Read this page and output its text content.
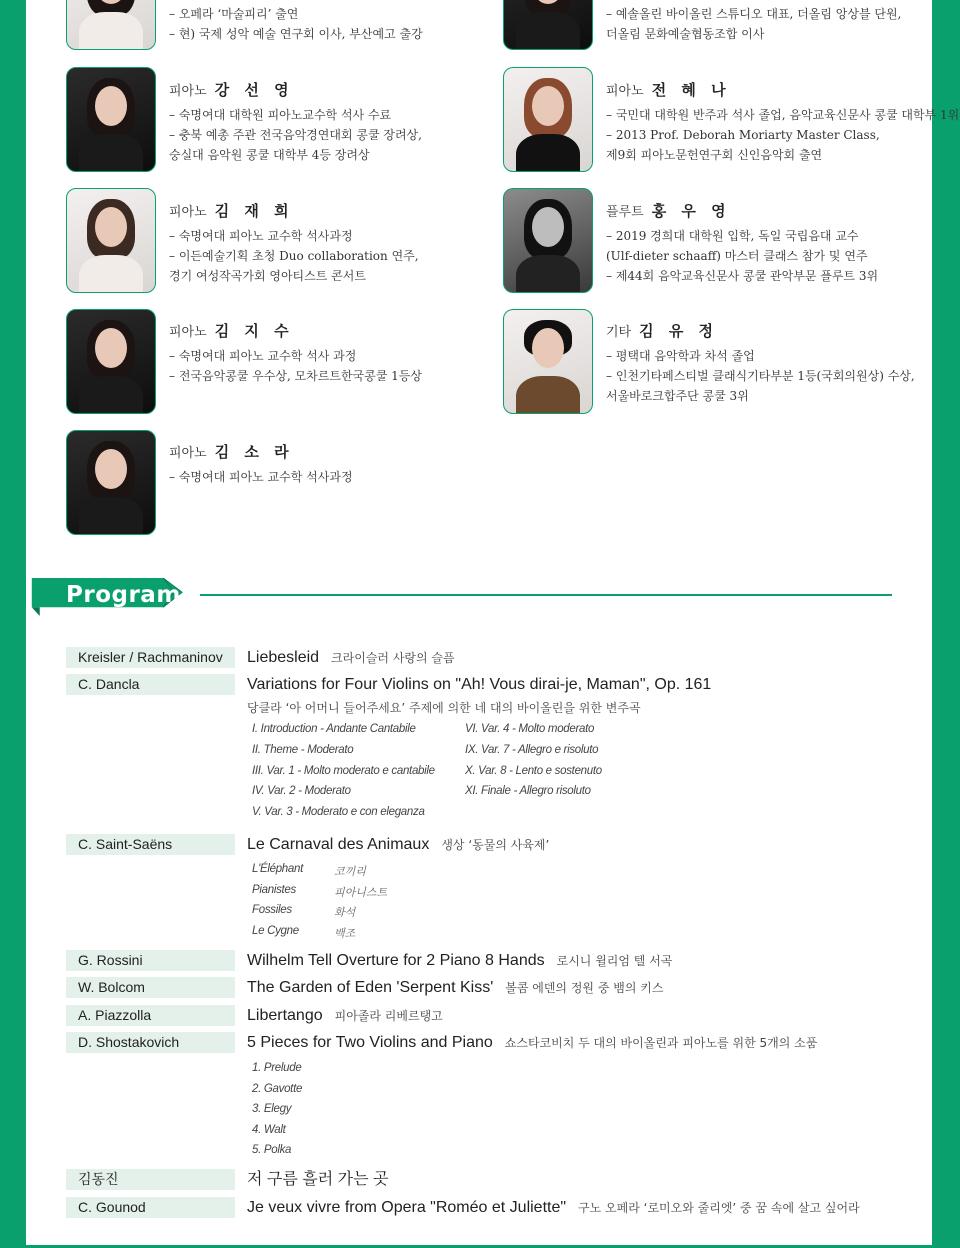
– 오페라 ‘마술피리’ 출연
– 현) 국제 성악 예술 연구회 이사, 부산예고 출강
– 예솔올린 바이올린 스튜디오 대표, 더올림 앙상블 단원,
더올림 문화예술협동조합 이사
피아노 강 선 영
– 숙명여대 대학원 피아노교수학 석사 수료
– 충북 예총 주관 전국음악경연대회 콩쿨 장려상,
숭실대 음악원 콩쿨 대학부 4등 장려상
피아노 전 혜 나
– 국민대 대학원 반주과 석사 졸업, 음악교육신문사 콩쿨 대학부 1위
– 2013 Prof. Deborah Moriarty Master Class,
제9회 피아노문헌연구회 신인음악회 출연
피아노 김 재 희
– 숙명여대 피아노 교수학 석사과정
– 이든예술기획 초청 Duo collaboration 연주,
경기 여성작곡가회 영아티스트 콘서트
플루트 홍 우 영
– 2019 경희대 대학원 입학, 독일 국립음대 교수
(Ulf-dieter schaaff) 마스터 클래스 참가 및 연주
– 제44회 음악교육신문사 콩쿨 관악부문 플루트 3위
피아노 김 지 수
– 숙명여대 피아노 교수학 석사 과정
– 전국음악콩쿨 우수상, 모차르트한국콩쿨 1등상
기타 김 유 정
– 평택대 음악학과 차석 졸업
– 인천기타페스티벌 클래식기타부분 1등(국회의원상) 수상,
서울바로크합주단 콩쿨 3위
피아노 김 소 라
– 숙명여대 피아노 교수학 석사과정
Program
Kreisler / Rachmaninov	Liebesleid 크라이슬러 사랑의 슬픔
C. Dancla	Variations for Four Violins on "Ah! Vous dirai-je, Maman", Op. 161
당클라 ‘아 어머니 들어주세요’ 주제에 의한 네 대의 바이올린을 위한 변주곡
I. Introduction - Andante Cantabile
II. Theme - Moderato
III. Var. 1 - Molto moderato e cantabile
IV. Var. 2 - Moderato
V. Var. 3 - Moderato e con eleganza
VI. Var. 4 - Molto moderato
IX. Var. 7 - Allegro e risoluto
X. Var. 8 - Lento e sostenuto
XI. Finale - Allegro risoluto
C. Saint-Saëns	Le Carnaval des Animaux 생상 ‘동물의 사육제’
L'Éléphant	코끼리
Pianistes	피아니스트
Fossiles	화석
Le Cygne	백조
G. Rossini	Wilhelm Tell Overture for 2 Piano 8 Hands 로시니 윌리엄 텔 서곡
W. Bolcom	The Garden of Eden 'Serpent Kiss' 볼콤 에덴의 정원 중 뱀의 키스
A. Piazzolla	Libertango 피아졸라 리베르탱고
D. Shostakovich	5 Pieces for Two Violins and Piano 쇼스타코비치 두 대의 바이올린과 피아노를 위한 5개의 소품
1. Prelude
2. Gavotte
3. Elegy
4. Walt
5. Polka
김동진	저 구름 흘러 가는 곳
C. Gounod	Je veux vivre from Opera "Roméo et Juliette" 구노 오페라 ‘로미오와 줄리엣’ 중 꿈 속에 살고 싶어라
